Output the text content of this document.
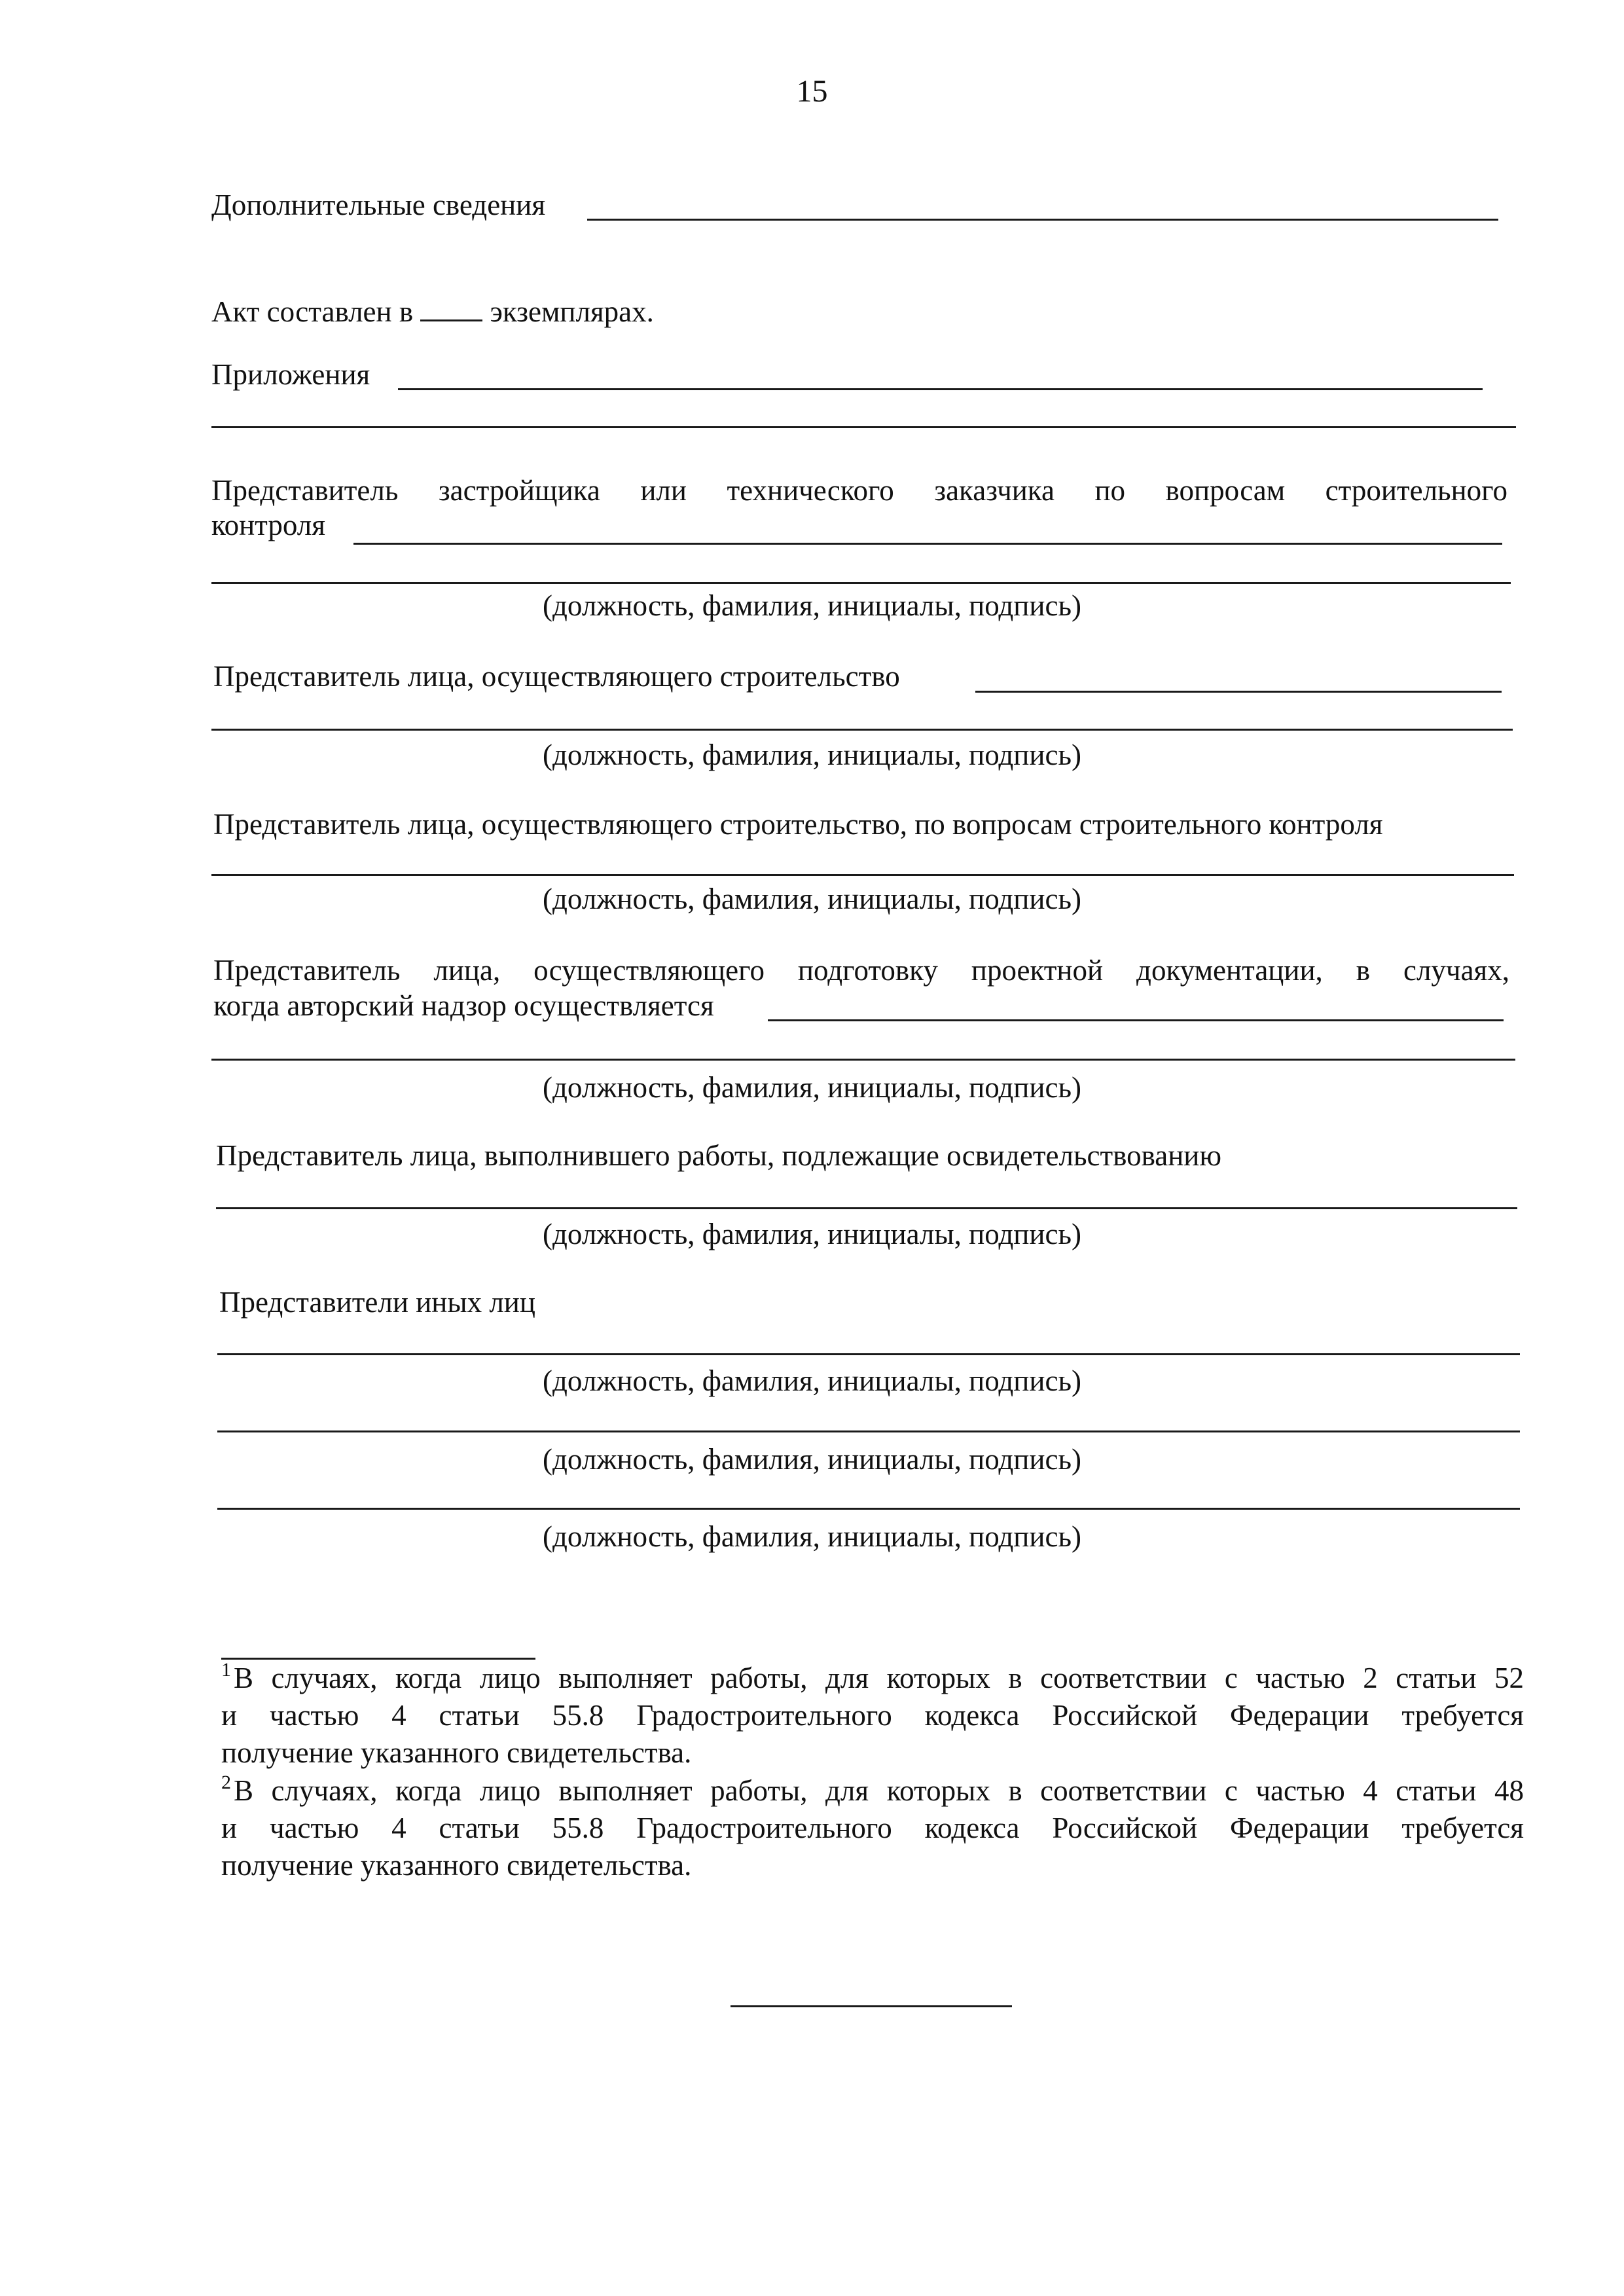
15
Дополнительные сведения
Акт составлен в	экземплярах.
Приложения
Представитель застройщика или технического заказчика по вопросам строительного
контроля
(должность, фамилия, инициалы, подпись)
Представитель лица, осуществляющего строительство
(должность, фамилия, инициалы, подпись)
Представитель лица, осуществляющего строительство, по вопросам строительного контроля
(должность, фамилия, инициалы, подпись)
Представитель лица, осуществляющего подготовку проектной документации, в случаях,
когда авторский надзор осуществляется
(должность, фамилия, инициалы, подпись)
Представитель лица, выполнившего работы, подлежащие освидетельствованию
(должность, фамилия, инициалы, подпись)
Представители иных лиц
(должность, фамилия, инициалы, подпись)
(должность, фамилия, инициалы, подпись)
(должность, фамилия, инициалы, подпись)
$^1$В случаях, когда лицо выполняет работы, для которых в соответствии с частью 2 статьи 52
и частью 4 статьи 55.8 Градостроительного кодекса Российской Федерации требуется
получение указанного свидетельства.
$^2$В случаях, когда лицо выполняет работы, для которых в соответствии с частью 4 статьи 48
и частью 4 статьи 55.8 Градостроительного кодекса Российской Федерации требуется
получение указанного свидетельства.
